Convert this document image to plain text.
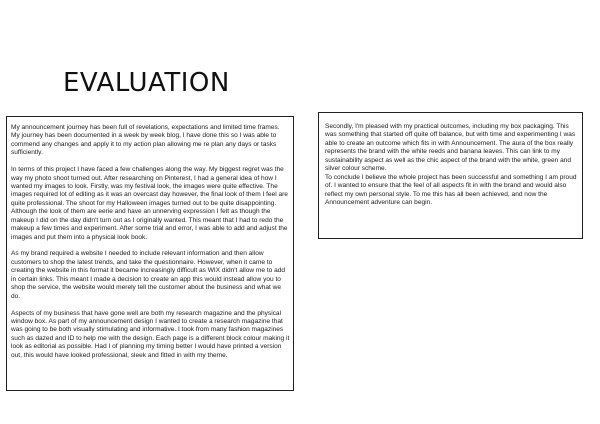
EVALUATION

My announcement journey has been full of revelations, expectations and limited time frames. My journey has been documented in a week by week blog, I have done this so I was able to commend any changes and apply it to my action plan allowing me re plan any days or tasks sufficiently.

In terms of this project I have faced a few challenges along the way. My biggest regret was the way my photo shoot turned out. After researching on Pinterest, I had a general idea of how I wanted my images to look. Firstly, was my festival look, the images were quite effective. The images required lot of editing as it was an overcast day however, the final look of them I feel are quite professional. The shoot for my Halloween images turned out to be quite disappointing. Although the look of them are eerie and have an unnerving expression I felt as though the makeup I did on the day didn't turn out as I originally wanted. This meant that I had to redo the makeup a few times and experiment. After some trial and error, I was able to add and adjust the images and put them into a physical look book.

As my brand required a website I needed to include relevant information and then allow customers to shop the latest trends, and take the questionnaire. However, when it came to creating the website in this format it became increasingly difficult as WIX didn't allow me to add in certain links. This meant I made a decision to create an app this would instead allow you to shop the service, the website would merely tell the customer about the business and what we do.

Aspects of my business that have gone well are both my research magazine and the physical window box. As part of my announcement design I wanted to create a research magazine that was going to be both visually stimulating and informative. I took from many fashion magazines such as dazed and ID to help me with the design. Each page is a different block colour making it look as editorial as possible. Had I of planning my timing better I would have printed a version out, this would have looked professional, sleek and fitted in with my theme.

Secondly, I'm pleased with my practical outcomes, including my box packaging. This was something that started off quite off balance, but with time and experimenting I was able to create an outcome which fits in with Announcement. The aura of the box really represents the brand with the white reeds and banana leaves. This can link to my sustainability aspect as well as the chic aspect of the brand with the white, green and silver colour scheme.

To conclude I believe the whole project has been successful and something I am proud of. I wanted to ensure that the feel of all aspects fit in with the brand and would also reflect my own personal style. To me this has all been achieved, and now the Announcement adventure can begin.
